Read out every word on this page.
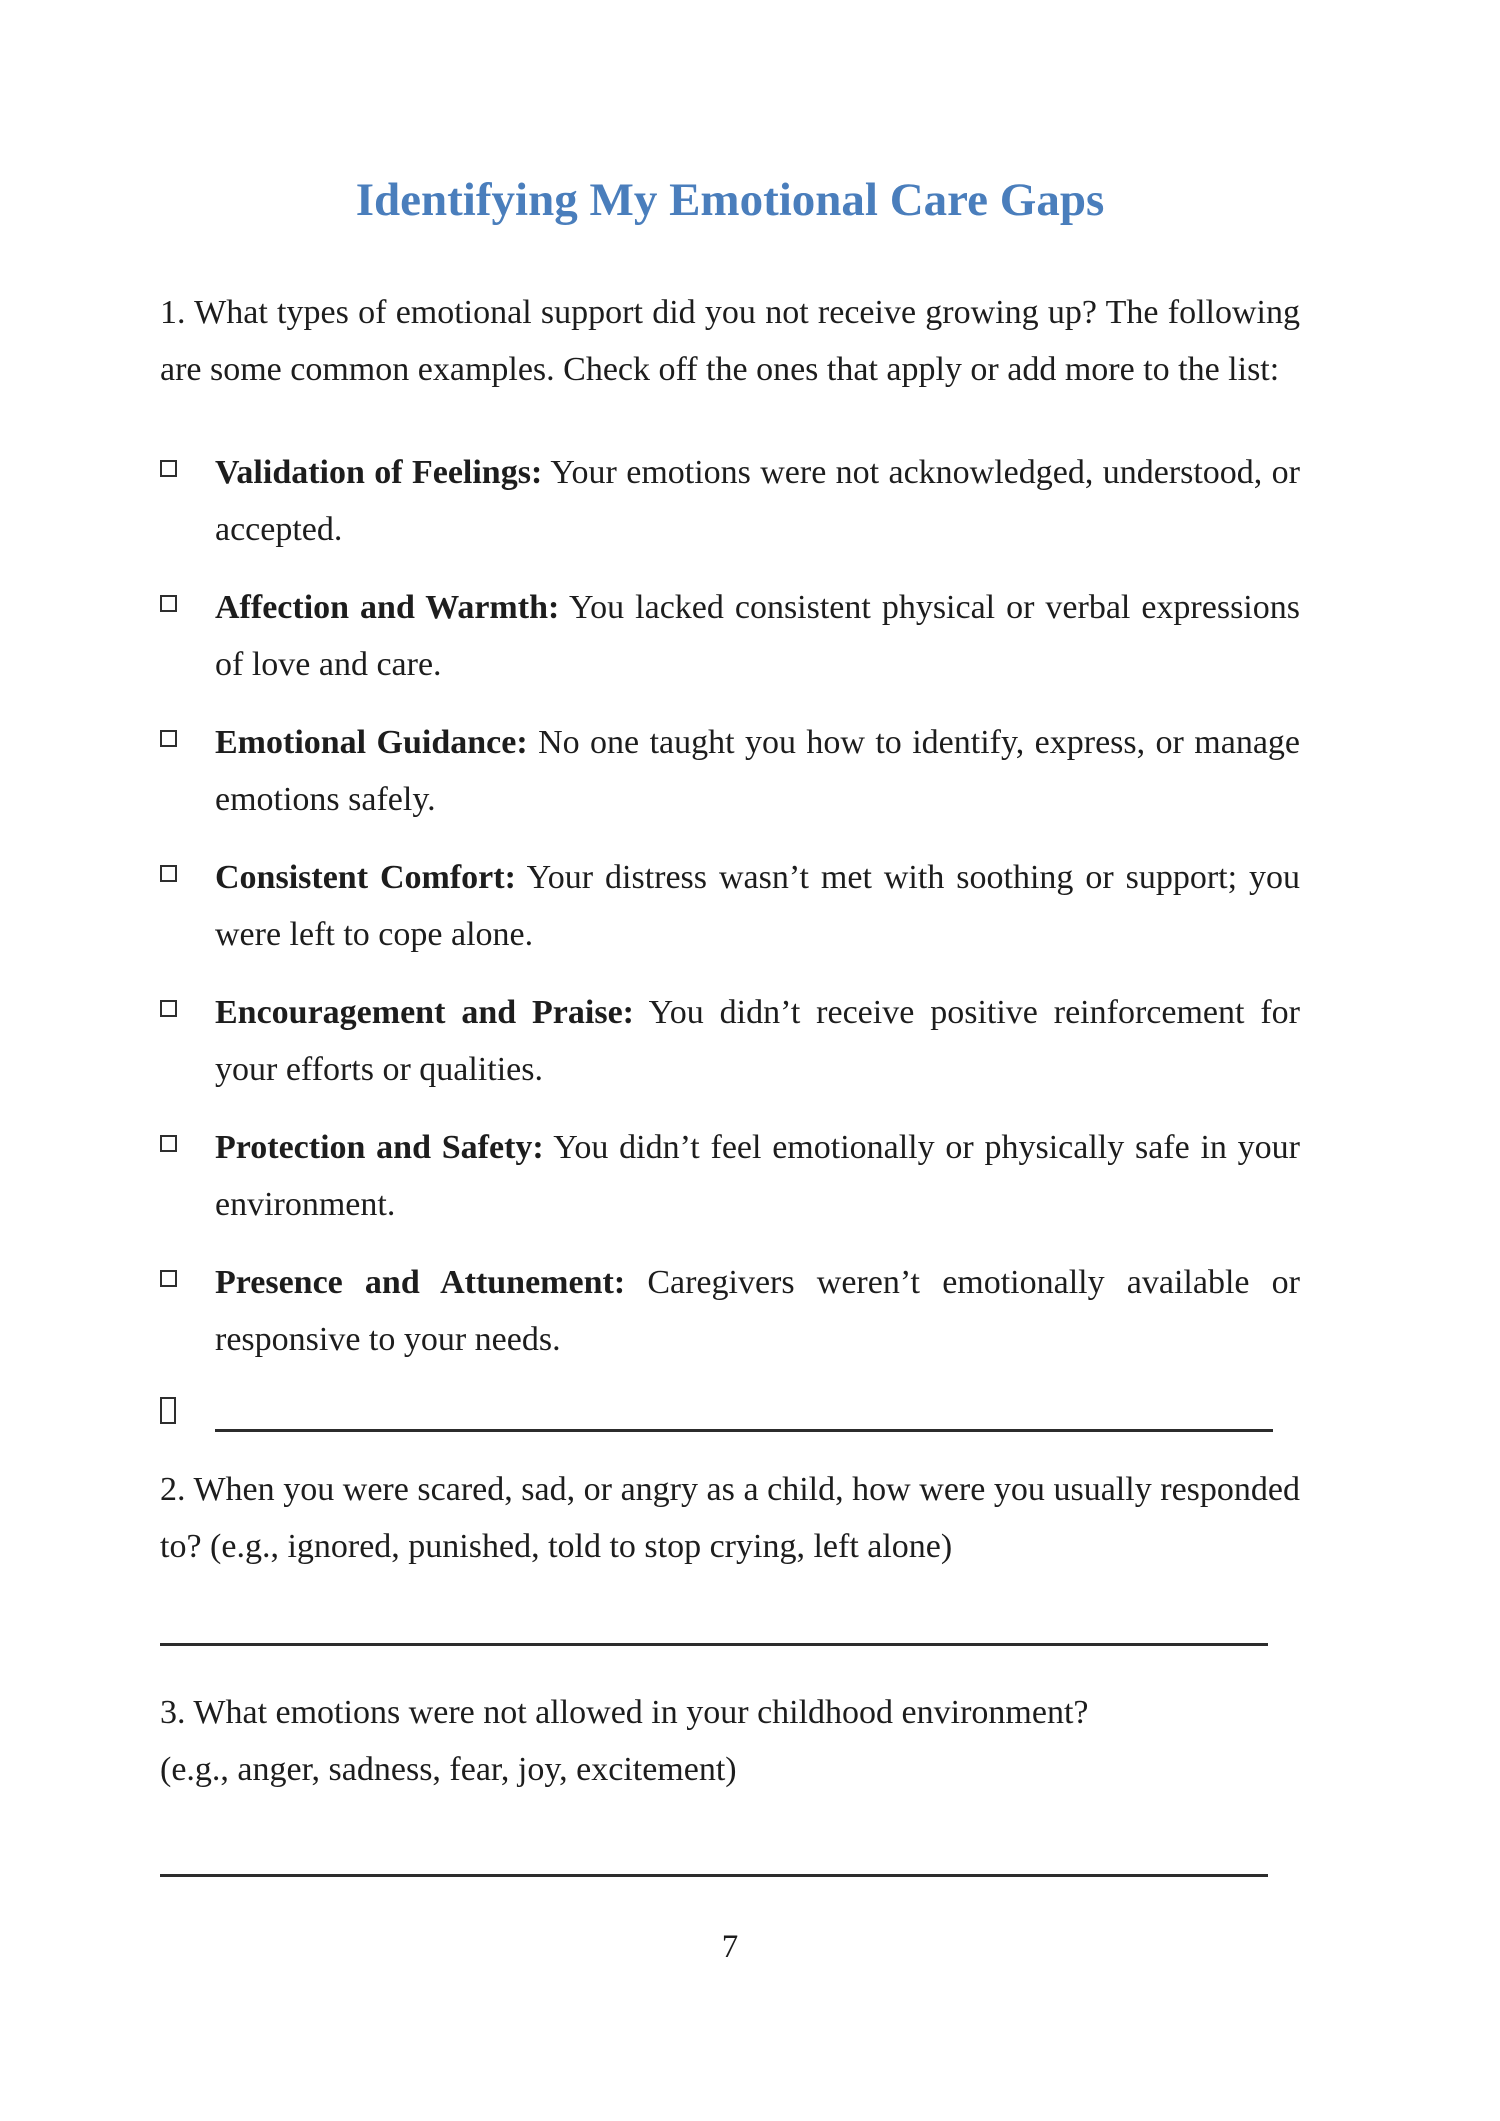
Identifying My Emotional Care Gaps

1. What types of emotional support did you not receive growing up? The following are some common examples. Check off the ones that apply or add more to the list:

Validation of Feelings: Your emotions were not acknowledged, understood, or accepted.

Affection and Warmth: You lacked consistent physical or verbal expressions of love and care.

Emotional Guidance: No one taught you how to identify, express, or manage emotions safely.

Consistent Comfort: Your distress wasn’t met with soothing or support; you were left to cope alone.

Encouragement and Praise: You didn’t receive positive reinforcement for your efforts or qualities.

Protection and Safety: You didn’t feel emotionally or physically safe in your environment.

Presence and Attunement: Caregivers weren’t emotionally available or responsive to your needs.

2. When you were scared, sad, or angry as a child, how were you usually responded to? (e.g., ignored, punished, told to stop crying, left alone)

3. What emotions were not allowed in your childhood environment?
(e.g., anger, sadness, fear, joy, excitement)

7
